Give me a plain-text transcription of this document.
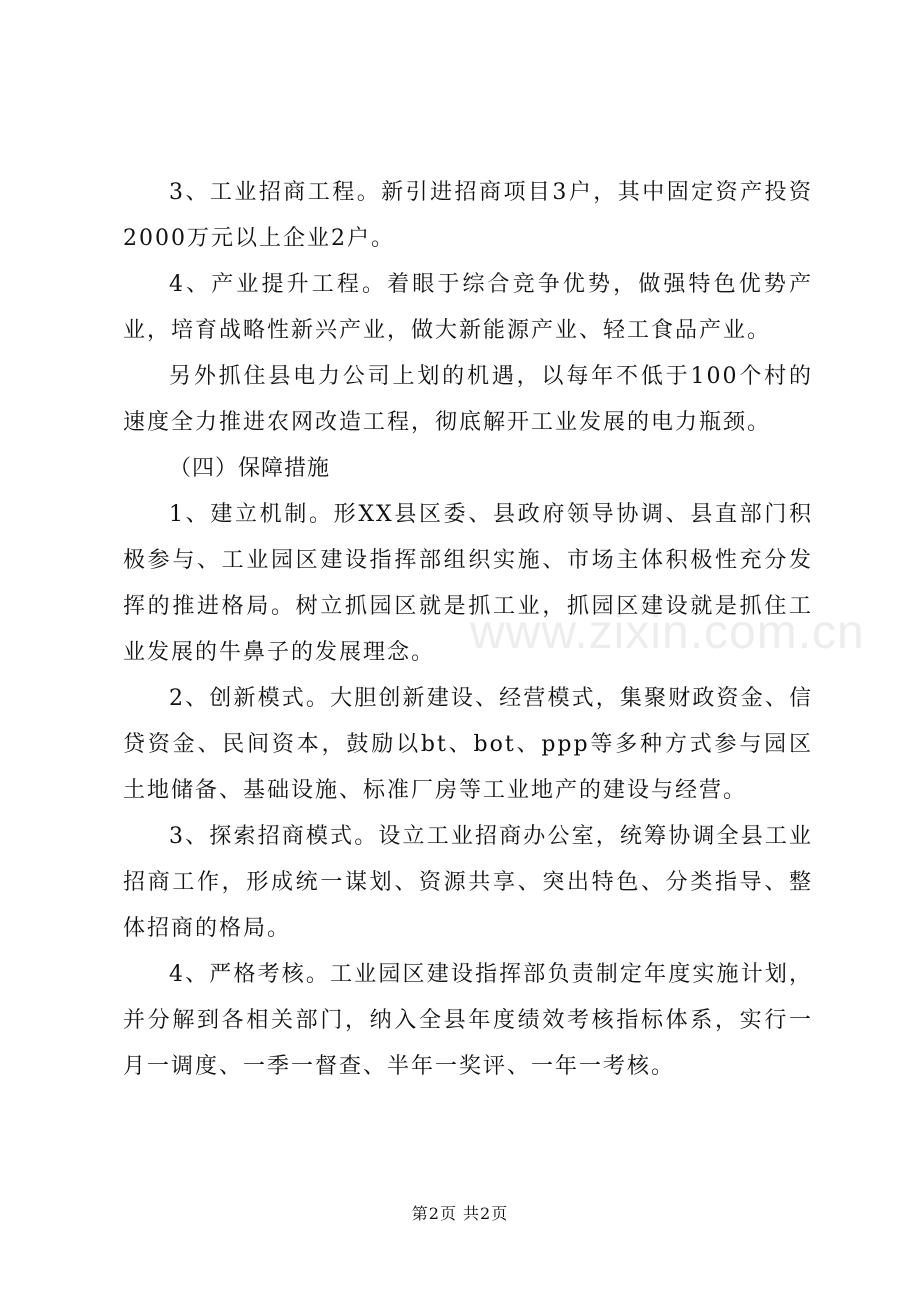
3、工业招商工程。新引进招商项目3户，其中固定资产投资2000万元以上企业2户。

4、产业提升工程。着眼于综合竞争优势，做强特色优势产业，培育战略性新兴产业，做大新能源产业、轻工食品产业。

另外抓住县电力公司上划的机遇，以每年不低于100个村的速度全力推进农网改造工程，彻底解开工业发展的电力瓶颈。

（四）保障措施

1、建立机制。形XX县区委、县政府领导协调、县直部门积极参与、工业园区建设指挥部组织实施、市场主体积极性充分发挥的推进格局。树立抓园区就是抓工业，抓园区建设就是抓住工业发展的牛鼻子的发展理念。

2、创新模式。大胆创新建设、经营模式，集聚财政资金、信贷资金、民间资本，鼓励以bt、bot、ppp等多种方式参与园区土地储备、基础设施、标准厂房等工业地产的建设与经营。

3、探索招商模式。设立工业招商办公室，统筹协调全县工业招商工作，形成统一谋划、资源共享、突出特色、分类指导、整体招商的格局。

4、严格考核。工业园区建设指挥部负责制定年度实施计划，并分解到各相关部门，纳入全县年度绩效考核指标体系，实行一月一调度、一季一督查、半年一奖评、一年一考核。

www.zixin.com.cn
第2页 共2页
